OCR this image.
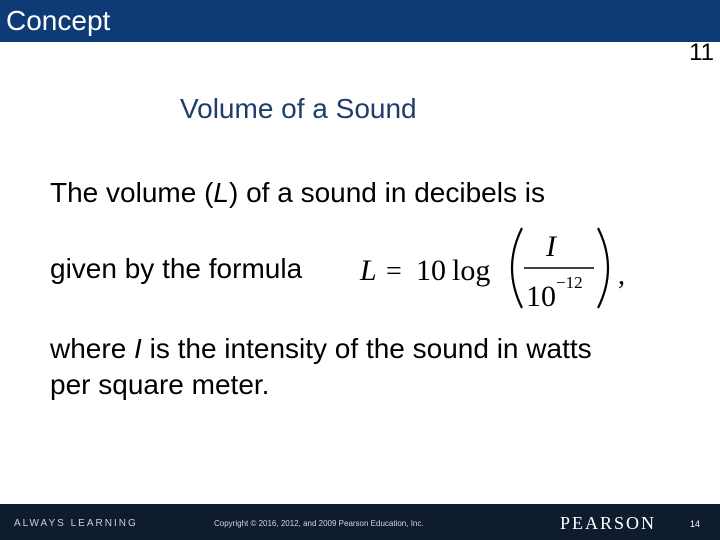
Concept
11
Volume of a Sound
The volume (L) of a sound in decibels is
given by the formula L = 10 log
I
10 −12 ,
where I is the intensity of the sound in watts
per square meter.
ALWAYS LEARNING	Copyright © 2016, 2012, and 2009 Pearson Education, Inc.	PEARSON	14
